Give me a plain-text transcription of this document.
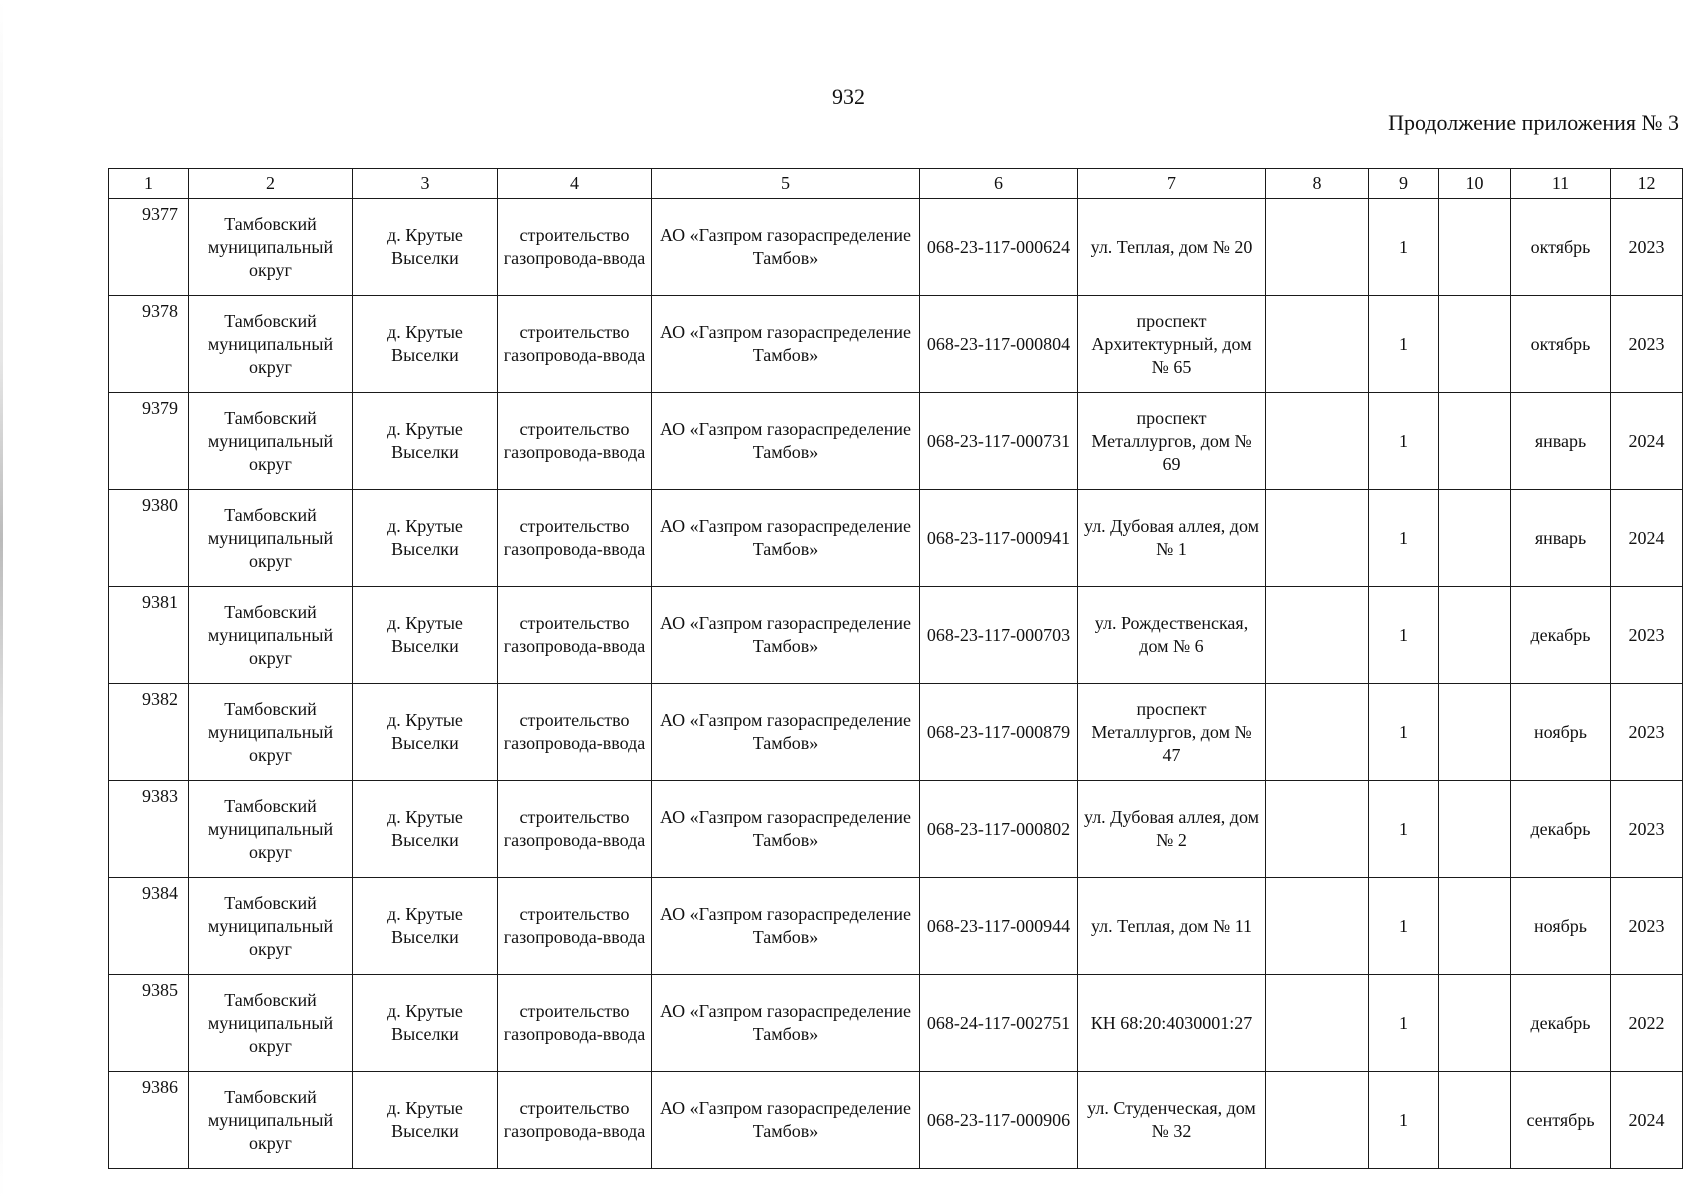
932
Продолжение приложения № 3
1	2	3	4	5	6	7	8	9	10	11	12
9377	Тамбовский муниципальный округ	д. Крутые Выселки	строительство газопровода-ввода	АО «Газпром газораспределение Тамбов»	068-23-117-000624	ул. Теплая, дом № 20		1		октябрь	2023
9378	Тамбовский муниципальный округ	д. Крутые Выселки	строительство газопровода-ввода	АО «Газпром газораспределение Тамбов»	068-23-117-000804	проспект Архитектурный, дом № 65		1		октябрь	2023
9379	Тамбовский муниципальный округ	д. Крутые Выселки	строительство газопровода-ввода	АО «Газпром газораспределение Тамбов»	068-23-117-000731	проспект Металлургов, дом № 69		1		январь	2024
9380	Тамбовский муниципальный округ	д. Крутые Выселки	строительство газопровода-ввода	АО «Газпром газораспределение Тамбов»	068-23-117-000941	ул. Дубовая аллея, дом № 1		1		январь	2024
9381	Тамбовский муниципальный округ	д. Крутые Выселки	строительство газопровода-ввода	АО «Газпром газораспределение Тамбов»	068-23-117-000703	ул. Рождественская, дом № 6		1		декабрь	2023
9382	Тамбовский муниципальный округ	д. Крутые Выселки	строительство газопровода-ввода	АО «Газпром газораспределение Тамбов»	068-23-117-000879	проспект Металлургов, дом № 47		1		ноябрь	2023
9383	Тамбовский муниципальный округ	д. Крутые Выселки	строительство газопровода-ввода	АО «Газпром газораспределение Тамбов»	068-23-117-000802	ул. Дубовая аллея, дом № 2		1		декабрь	2023
9384	Тамбовский муниципальный округ	д. Крутые Выселки	строительство газопровода-ввода	АО «Газпром газораспределение Тамбов»	068-23-117-000944	ул. Теплая, дом № 11		1		ноябрь	2023
9385	Тамбовский муниципальный округ	д. Крутые Выселки	строительство газопровода-ввода	АО «Газпром газораспределение Тамбов»	068-24-117-002751	КН 68:20:4030001:27		1		декабрь	2022
9386	Тамбовский муниципальный округ	д. Крутые Выселки	строительство газопровода-ввода	АО «Газпром газораспределение Тамбов»	068-23-117-000906	ул. Студенческая, дом № 32		1		сентябрь	2024
